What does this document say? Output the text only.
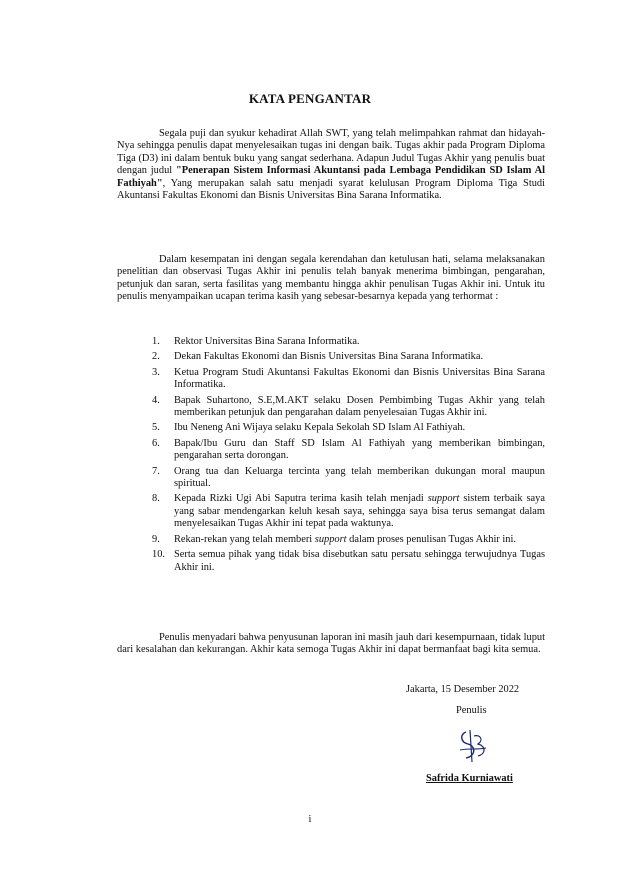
KATA PENGANTAR

Segala puji dan syukur kehadirat Allah SWT, yang telah melimpahkan rahmat dan hidayah-Nya sehingga penulis dapat menyelesaikan tugas ini dengan baik. Tugas akhir pada Program Diploma Tiga (D3) ini dalam bentuk buku yang sangat sederhana. Adapun Judul Tugas Akhir yang penulis buat dengan judul "Penerapan Sistem Informasi Akuntansi pada Lembaga Pendidikan SD Islam Al Fathiyah", Yang merupakan salah satu menjadi syarat kelulusan Program Diploma Tiga Studi Akuntansi Fakultas Ekonomi dan Bisnis Universitas Bina Sarana Informatika.

Dalam kesempatan ini dengan segala kerendahan dan ketulusan hati, selama melaksanakan penelitian dan observasi Tugas Akhir ini penulis telah banyak menerima bimbingan, pengarahan, petunjuk dan saran, serta fasilitas yang membantu hingga akhir penulisan Tugas Akhir ini. Untuk itu penulis menyampaikan ucapan terima kasih yang sebesar-besarnya kepada yang terhormat :

1. Rektor Universitas Bina Sarana Informatika.
2. Dekan Fakultas Ekonomi dan Bisnis Universitas Bina Sarana Informatika.
3. Ketua Program Studi Akuntansi Fakultas Ekonomi dan Bisnis Universitas Bina Sarana Informatika.
4. Bapak Suhartono, S.E,M.AKT selaku Dosen Pembimbing Tugas Akhir yang telah memberikan petunjuk dan pengarahan dalam penyelesaian Tugas Akhir ini.
5. Ibu Neneng Ani Wijaya selaku Kepala Sekolah SD Islam Al Fathiyah.
6. Bapak/Ibu Guru dan Staff SD Islam Al Fathiyah yang memberikan bimbingan, pengarahan serta dorongan.
7. Orang tua dan Keluarga tercinta yang telah memberikan dukungan moral maupun spiritual.
8. Kepada Rizki Ugi Abi Saputra terima kasih telah menjadi support sistem terbaik saya yang sabar mendengarkan keluh kesah saya, sehingga saya bisa terus semangat dalam menyelesaikan Tugas Akhir ini tepat pada waktunya.
9. Rekan-rekan yang telah memberi support dalam proses penulisan Tugas Akhir ini.
10. Serta semua pihak yang tidak bisa disebutkan satu persatu sehingga terwujudnya Tugas Akhir ini.

Penulis menyadari bahwa penyusunan laporan ini masih jauh dari kesempurnaan, tidak luput dari kesalahan dan kekurangan. Akhir kata semoga Tugas Akhir ini dapat bermanfaat bagi kita semua.

Jakarta, 15 Desember 2022
Penulis
Safrida Kurniawati
i
